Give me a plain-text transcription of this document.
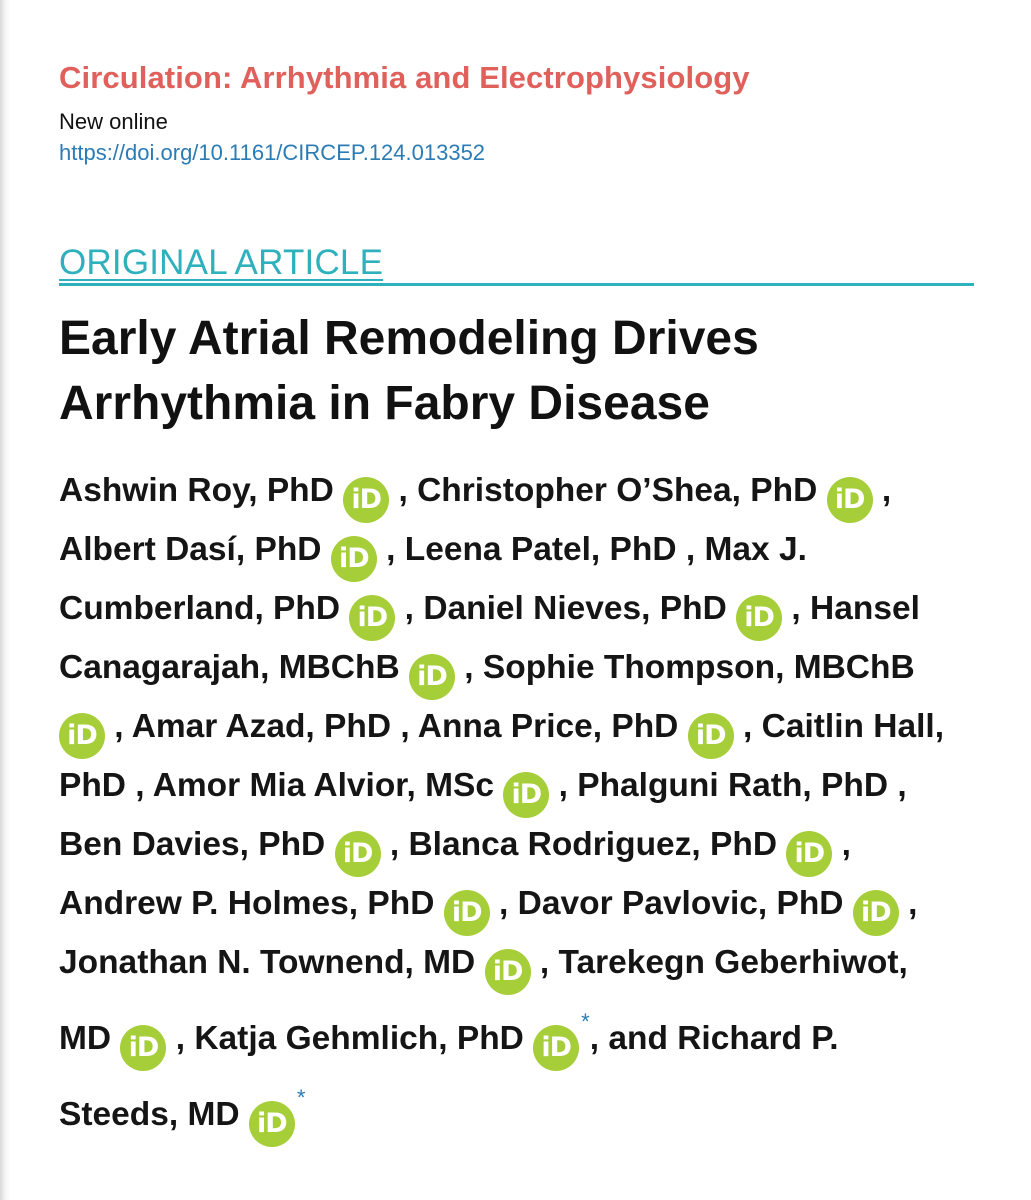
Circulation: Arrhythmia and Electrophysiology
New online
https://doi.org/10.1161/CIRCEP.124.013352
ORIGINAL ARTICLE
Early Atrial Remodeling Drives Arrhythmia in Fabry Disease
Ashwin Roy, PhD iD , Christopher O’Shea, PhD iD , Albert Dasí, PhD iD , Leena Patel, PhD , Max J. Cumberland, PhD iD , Daniel Nieves, PhD iD , Hansel Canagarajah, MBChB iD , Sophie Thompson, MBChB iD , Amar Azad, PhD , Anna Price, PhD iD , Caitlin Hall, PhD , Amor Mia Alvior, MSc iD , Phalguni Rath, PhD , Ben Davies, PhD iD , Blanca Rodriguez, PhD iD , Andrew P. Holmes, PhD iD , Davor Pavlovic, PhD iD , Jonathan N. Townend, MD iD , Tarekegn Geberhiwot, MD iD , Katja Gehmlich, PhD iD*, and Richard P. Steeds, MD iD*
